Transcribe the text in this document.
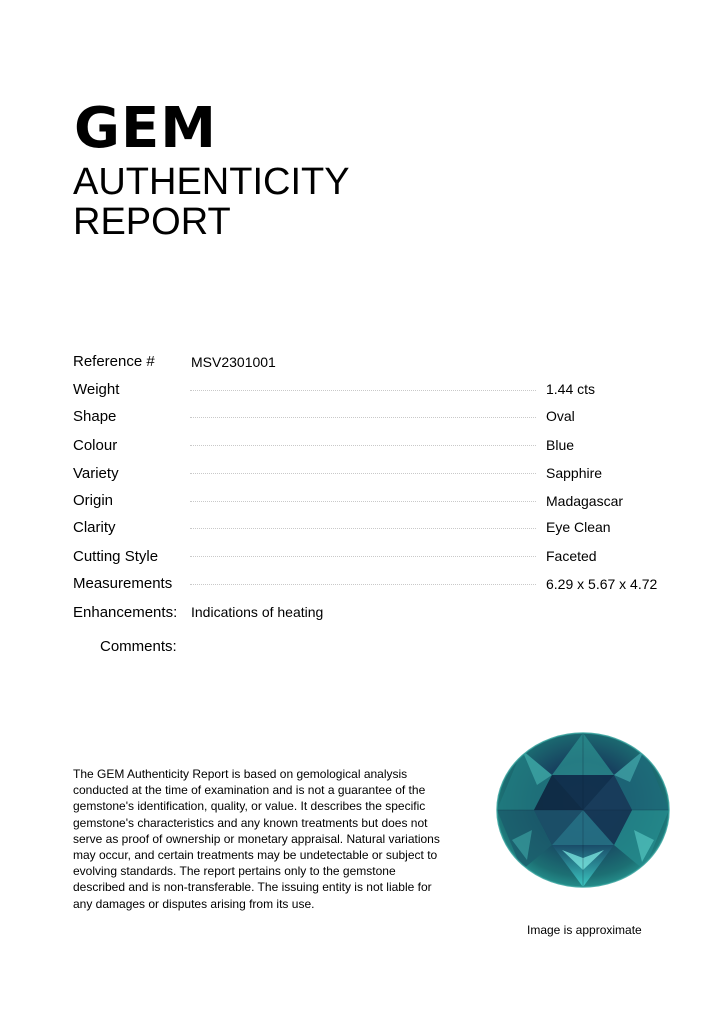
GEM
AUTHENTICITY
REPORT
Reference #	MSV2301001
Weight	1.44 cts
Shape	Oval
Colour	Blue
Variety	Sapphire
Origin	Madagascar
Clarity	Eye Clean
Cutting Style	Faceted
Measurements	6.29 x 5.67 x 4.72
Enhancements: Indications of heating
Comments:
The GEM Authenticity Report is based on gemological analysis conducted at the time of examination and is not a guarantee of the gemstone's identification, quality, or value. It describes the specific gemstone's characteristics and any known treatments but does not serve as proof of ownership or monetary appraisal. Natural variations may occur, and certain treatments may be undetectable or subject to evolving standards. The report pertains only to the gemstone described and is non-transferable. The issuing entity is not liable for any damages or disputes arising from its use.
Image is approximate
